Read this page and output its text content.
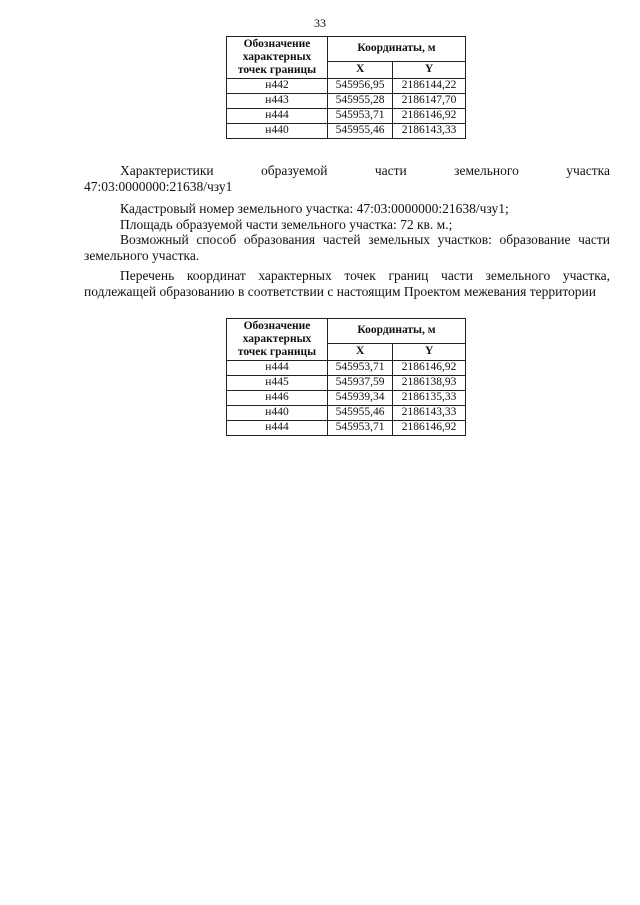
33
Обозначение характерных точек границы	Координаты, м	
	X	Y
н442	545956,95	2186144,22
н443	545955,28	2186147,70
н444	545953,71	2186146,92
н440	545955,46	2186143,33

Характеристики образуемой части земельного участка

47:03:0000000:21638/чзу1

Кадастровый номер земельного участка: 47:03:0000000:21638/чзу1;

Площадь образуемой части земельного участка: 72 кв. м.;

Возможный способ образования частей земельных участков: образование части земельного участка.

Перечень координат характерных точек границ части земельного участка, подлежащей образованию в соответствии с настоящим Проектом межевания территории

Обозначение характерных точек границы	Координаты, м	
	X	Y
н444	545953,71	2186146,92
н445	545937,59	2186138,93
н446	545939,34	2186135,33
н440	545955,46	2186143,33
н444	545953,71	2186146,92
